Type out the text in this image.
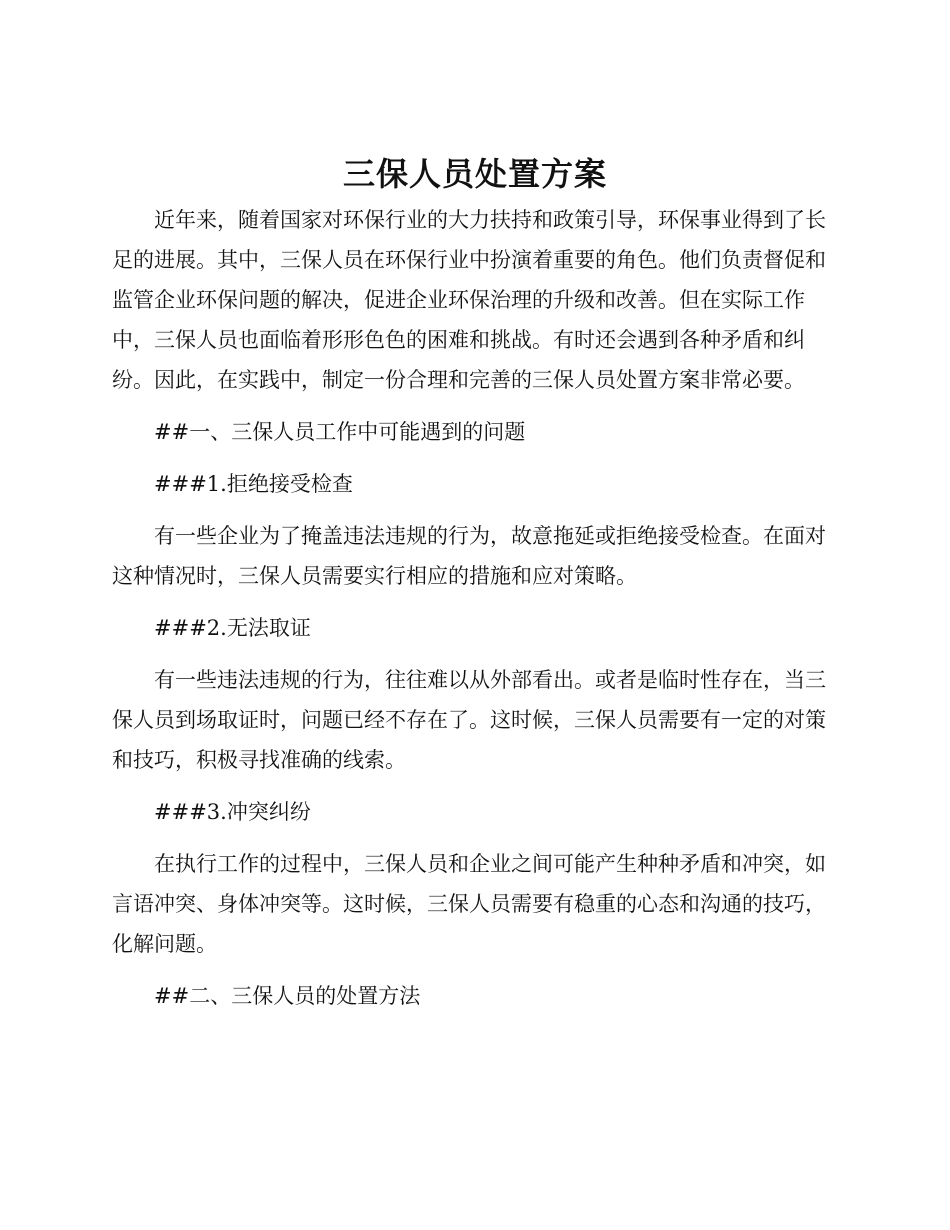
三保人员处置方案

近年来，随着国家对环保行业的大力扶持和政策引导，环保事业得到了长足的进展。其中，三保人员在环保行业中扮演着重要的角色。他们负责督促和监管企业环保问题的解决，促进企业环保治理的升级和改善。但在实际工作中，三保人员也面临着形形色色的困难和挑战。有时还会遇到各种矛盾和纠纷。因此，在实践中，制定一份合理和完善的三保人员处置方案非常必要。

##一、三保人员工作中可能遇到的问题

###1.拒绝接受检查

有一些企业为了掩盖违法违规的行为，故意拖延或拒绝接受检查。在面对这种情况时，三保人员需要实行相应的措施和应对策略。

###2.无法取证

有一些违法违规的行为，往往难以从外部看出。或者是临时性存在，当三保人员到场取证时，问题已经不存在了。这时候，三保人员需要有一定的对策和技巧，积极寻找准确的线索。

###3.冲突纠纷

在执行工作的过程中，三保人员和企业之间可能产生种种矛盾和冲突，如言语冲突、身体冲突等。这时候，三保人员需要有稳重的心态和沟通的技巧，化解问题。

##二、三保人员的处置方法
